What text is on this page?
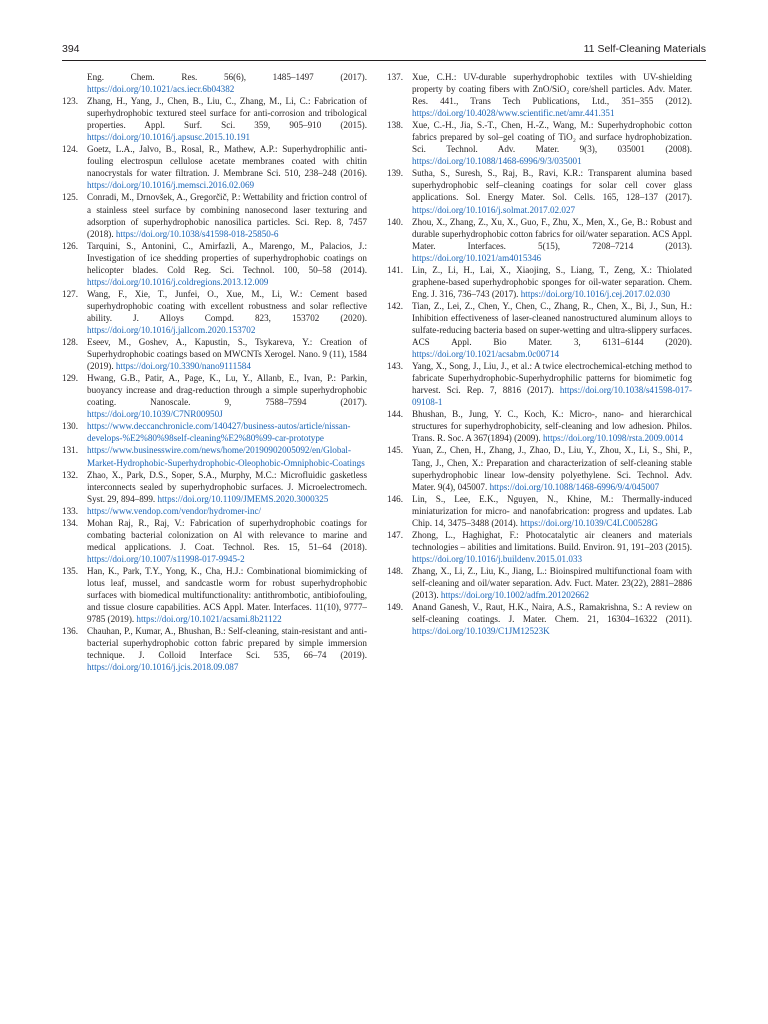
394	11 Self-Cleaning Materials

Eng. Chem. Res. 56(6), 1485–1497 (2017). https://doi.org/10.1021/acs.iecr.6b04382

123. Zhang, H., Yang, J., Chen, B., Liu, C., Zhang, M., Li, C.: Fabrication of superhydrophobic textured steel surface for anti-corrosion and tribological properties. Appl. Surf. Sci. 359, 905–910 (2015). https://doi.org/10.1016/j.apsusc.2015.10.191

124. Goetz, L.A., Jalvo, B., Rosal, R., Mathew, A.P.: Superhydrophilic anti-fouling electrospun cellulose acetate membranes coated with chitin nanocrystals for water filtration. J. Membrane Sci. 510, 238–248 (2016). https://doi.org/10.1016/j.memsci.2016.02.069

125. Conradi, M., Drnovšek, A., Gregorčič, P.: Wettability and friction control of a stainless steel surface by combining nanosecond laser texturing and adsorption of superhydrophobic nanosilica particles. Sci. Rep. 8, 7457 (2018). https://doi.org/10.1038/s41598-018-25850-6

126. Tarquini, S., Antonini, C., Amirfazli, A., Marengo, M., Palacios, J.: Investigation of ice shedding properties of superhydrophobic coatings on helicopter blades. Cold Reg. Sci. Technol. 100, 50–58 (2014). https://doi.org/10.1016/j.coldregions.2013.12.009

127. Wang, F., Xie, T., Junfei, O., Xue, M., Li, W.: Cement based superhydrophobic coating with excellent robustness and solar reflective ability. J. Alloys Compd. 823, 153702 (2020). https://doi.org/10.1016/j.jallcom.2020.153702

128. Eseev, M., Goshev, A., Kapustin, S., Tsykareva, Y.: Creation of Superhydrophobic coatings based on MWCNTs Xerogel. Nano. 9 (11), 1584 (2019). https://doi.org/10.3390/nano9111584

129. Hwang, G.B., Patir, A., Page, K., Lu, Y., Allanb, E., Ivan, P.: Parkin, buoyancy increase and drag-reduction through a simple superhydrophobic coating. Nanoscale. 9, 7588–7594 (2017). https://doi.org/10.1039/C7NR00950J

130. https://www.deccanchronicle.com/140427/business-autos/article/nissan-develops-%E2%80%98self-cleaning%E2%80%99-car-prototype

131. https://www.businesswire.com/news/home/20190902005092/en/Global-Market-Hydrophobic-Superhydrophobic-Oleophobic-Omniphobic-Coatings

132. Zhao, X., Park, D.S., Soper, S.A., Murphy, M.C.: Microfluidic gasketless interconnects sealed by superhydrophobic surfaces. J. Microelectromech. Syst. 29, 894–899. https://doi.org/10.1109/JMEMS.2020.3000325

133. https://www.vendop.com/vendor/hydromer-inc/

134. Mohan Raj, R., Raj, V.: Fabrication of superhydrophobic coatings for combating bacterial colonization on Al with relevance to marine and medical applications. J. Coat. Technol. Res. 15, 51–64 (2018). https://doi.org/10.1007/s11998-017-9945-2

135. Han, K., Park, T.Y., Yong, K., Cha, H.J.: Combinational biomimicking of lotus leaf, mussel, and sandcastle worm for robust superhydrophobic surfaces with biomedical multifunctionality: antithrombotic, antibiofouling, and tissue closure capabilities. ACS Appl. Mater. Interfaces. 11(10), 9777–9785 (2019). https://doi.org/10.1021/acsami.8b21122

136. Chauhan, P., Kumar, A., Bhushan, B.: Self-cleaning, stain-resistant and anti-bacterial superhydrophobic cotton fabric prepared by simple immersion technique. J. Colloid Interface Sci. 535, 66–74 (2019). https://doi.org/10.1016/j.jcis.2018.09.087

137. Xue, C.H.: UV-durable superhydrophobic textiles with UV-shielding property by coating fibers with ZnO/SiO₂ core/shell particles. Adv. Mater. Res. 441., Trans Tech Publications, Ltd., 351–355 (2012). https://doi.org/10.4028/www.scientific.net/amr.441.351

138. Xue, C.-H., Jia, S.-T., Chen, H.-Z., Wang, M.: Superhydrophobic cotton fabrics prepared by sol–gel coating of TiO₂ and surface hydrophobization. Sci. Technol. Adv. Mater. 9(3), 035001 (2008). https://doi.org/10.1088/1468-6996/9/3/035001

139. Sutha, S., Suresh, S., Raj, B., Ravi, K.R.: Transparent alumina based superhydrophobic self–cleaning coatings for solar cell cover glass applications. Sol. Energy Mater. Sol. Cells. 165, 128–137 (2017). https://doi.org/10.1016/j.solmat.2017.02.027

140. Zhou, X., Zhang, Z., Xu, X., Guo, F., Zhu, X., Men, X., Ge, B.: Robust and durable superhydrophobic cotton fabrics for oil/water separation. ACS Appl. Mater. Interfaces. 5(15), 7208–7214 (2013). https://doi.org/10.1021/am4015346

141. Lin, Z., Li, H., Lai, X., Xiaojing, S., Liang, T., Zeng, X.: Thiolated graphene-based superhydrophobic sponges for oil-water separation. Chem. Eng. J. 316, 736–743 (2017). https://doi.org/10.1016/j.cej.2017.02.030

142. Tian, Z., Lei, Z., Chen, Y., Chen, C., Zhang, R., Chen, X., Bi, J., Sun, H.: Inhibition effectiveness of laser-cleaned nanostructured aluminum alloys to sulfate-reducing bacteria based on super-wetting and ultra-slippery surfaces. ACS Appl. Bio Mater. 3, 6131–6144 (2020). https://doi.org/10.1021/acsabm.0c00714

143. Yang, X., Song, J., Liu, J., et al.: A twice electrochemical-etching method to fabricate Superhydrophobic-Superhydrophilic patterns for biomimetic fog harvest. Sci. Rep. 7, 8816 (2017). https://doi.org/10.1038/s41598-017-09108-1

144. Bhushan, B., Jung, Y. C., Koch, K.: Micro-, nano- and hierarchical structures for superhydrophobicity, self-cleaning and low adhesion. Philos. Trans. R. Soc. A 367(1894) (2009). https://doi.org/10.1098/rsta.2009.0014

145. Yuan, Z., Chen, H., Zhang, J., Zhao, D., Liu, Y., Zhou, X., Li, S., Shi, P., Tang, J., Chen, X.: Preparation and characterization of self-cleaning stable superhydrophobic linear low-density polyethylene. Sci. Technol. Adv. Mater. 9(4), 045007. https://doi.org/10.1088/1468-6996/9/4/045007

146. Lin, S., Lee, E.K., Nguyen, N., Khine, M.: Thermally-induced miniaturization for micro- and nanofabrication: progress and updates. Lab Chip. 14, 3475–3488 (2014). https://doi.org/10.1039/C4LC00528G

147. Zhong, L., Haghighat, F.: Photocatalytic air cleaners and materials technologies – abilities and limitations. Build. Environ. 91, 191–203 (2015). https://doi.org/10.1016/j.buildenv.2015.01.033

148. Zhang, X., Li, Z., Liu, K., Jiang, L.: Bioinspired multifunctional foam with self-cleaning and oil/water separation. Adv. Fuct. Mater. 23(22), 2881–2886 (2013). https://doi.org/10.1002/adfm.201202662

149. Anand Ganesh, V., Raut, H.K., Naira, A.S., Ramakrishna, S.: A review on self-cleaning coatings. J. Mater. Chem. 21, 16304–16322 (2011). https://doi.org/10.1039/C1JM12523K
